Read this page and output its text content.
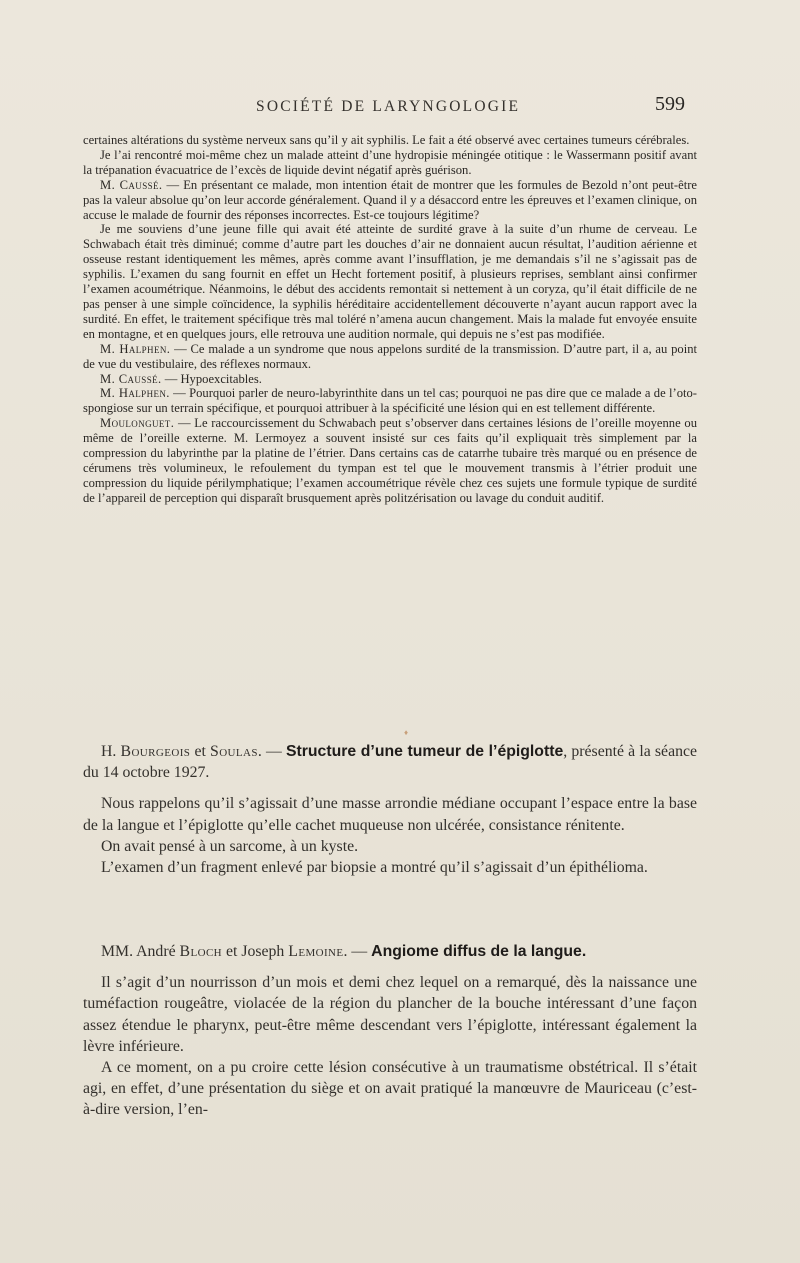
SOCIÉTÉ DE LARYNGOLOGIE	599

certaines altérations du système nerveux sans qu’il y ait syphilis. Le fait a été observé avec certaines tumeurs cérébrales.

Je l’ai rencontré moi-même chez un malade atteint d’une hydropisie méningée otitique : le Wassermann positif avant la trépanation évacuatrice de l’excès de liquide devint négatif après guérison.

M. Caussé. — En présentant ce malade, mon intention était de montrer que les formules de Bezold n’ont peut-être pas la valeur absolue qu’on leur accorde généralement. Quand il y a désaccord entre les épreuves et l’examen clinique, on accuse le malade de fournir des réponses incorrectes. Est-ce toujours légitime?

Je me souviens d’une jeune fille qui avait été atteinte de surdité grave à la suite d’un rhume de cerveau. Le Schwabach était très diminué; comme d’autre part les douches d’air ne donnaient aucun résultat, l’audition aérienne et osseuse restant identiquement les mêmes, après comme avant l’insufflation, je me demandais s’il ne s’agissait pas de syphilis. L’examen du sang fournit en effet un Hecht fortement positif, à plusieurs reprises, semblant ainsi confirmer l’examen acoumétrique. Néanmoins, le début des accidents remontait si nettement à un coryza, qu’il était difficile de ne pas penser à une simple coïncidence, la syphilis héréditaire accidentellement découverte n’ayant aucun rapport avec la surdité. En effet, le traitement spécifique très mal toléré n’amena aucun changement. Mais la malade fut envoyée ensuite en montagne, et en quelques jours, elle retrouva une audition normale, qui depuis ne s’est pas modifiée.

M. Halphen. — Ce malade a un syndrome que nous appelons surdité de la transmission. D’autre part, il a, au point de vue du vestibulaire, des réflexes normaux.

M. Caussé. — Hypoexcitables.

M. Halphen. — Pourquoi parler de neuro-labyrinthite dans un tel cas; pourquoi ne pas dire que ce malade a de l’oto-spongiose sur un terrain spécifique, et pourquoi attribuer à la spécificité une lésion qui en est tellement différente.

Moulonguet. — Le raccourcissement du Schwabach peut s’observer dans certaines lésions de l’oreille moyenne ou même de l’oreille externe. M. Lermoyez a souvent insisté sur ces faits qu’il expliquait très simplement par la compression du labyrinthe par la platine de l’étrier. Dans certains cas de catarrhe tubaire très marqué ou en présence de cérumens très volumineux, le refoulement du tympan est tel que le mouvement transmis à l’étrier produit une compression du liquide périlymphatique; l’examen accoumétrique révèle chez ces sujets une formule typique de surdité de l’appareil de perception qui disparaît brusquement après politzérisation ou lavage du conduit auditif.

♦

H. Bourgeois et Soulas. — Structure d’une tumeur de l’épiglotte, présenté à la séance du 14 octobre 1927.

Nous rappelons qu’il s’agissait d’une masse arrondie médiane occupant l’espace entre la base de la langue et l’épiglotte qu’elle cachet muqueuse non ulcérée, consistance rénitente.

On avait pensé à un sarcome, à un kyste.

L’examen d’un fragment enlevé par biopsie a montré qu’il s’agissait d’un épithélioma.

MM. André Bloch et Joseph Lemoine. — Angiome diffus de la langue.

Il s’agit d’un nourrisson d’un mois et demi chez lequel on a remarqué, dès la naissance une tuméfaction rougeâtre, violacée de la région du plancher de la bouche intéressant d’une façon assez étendue le pharynx, peut-être même descendant vers l’épiglotte, intéressant également la lèvre inférieure.

A ce moment, on a pu croire cette lésion consécutive à un traumatisme obstétrical. Il s’était agi, en effet, d’une présentation du siège et on avait pratiqué la manœuvre de Mauriceau (c’est-à-dire version, l’en-
